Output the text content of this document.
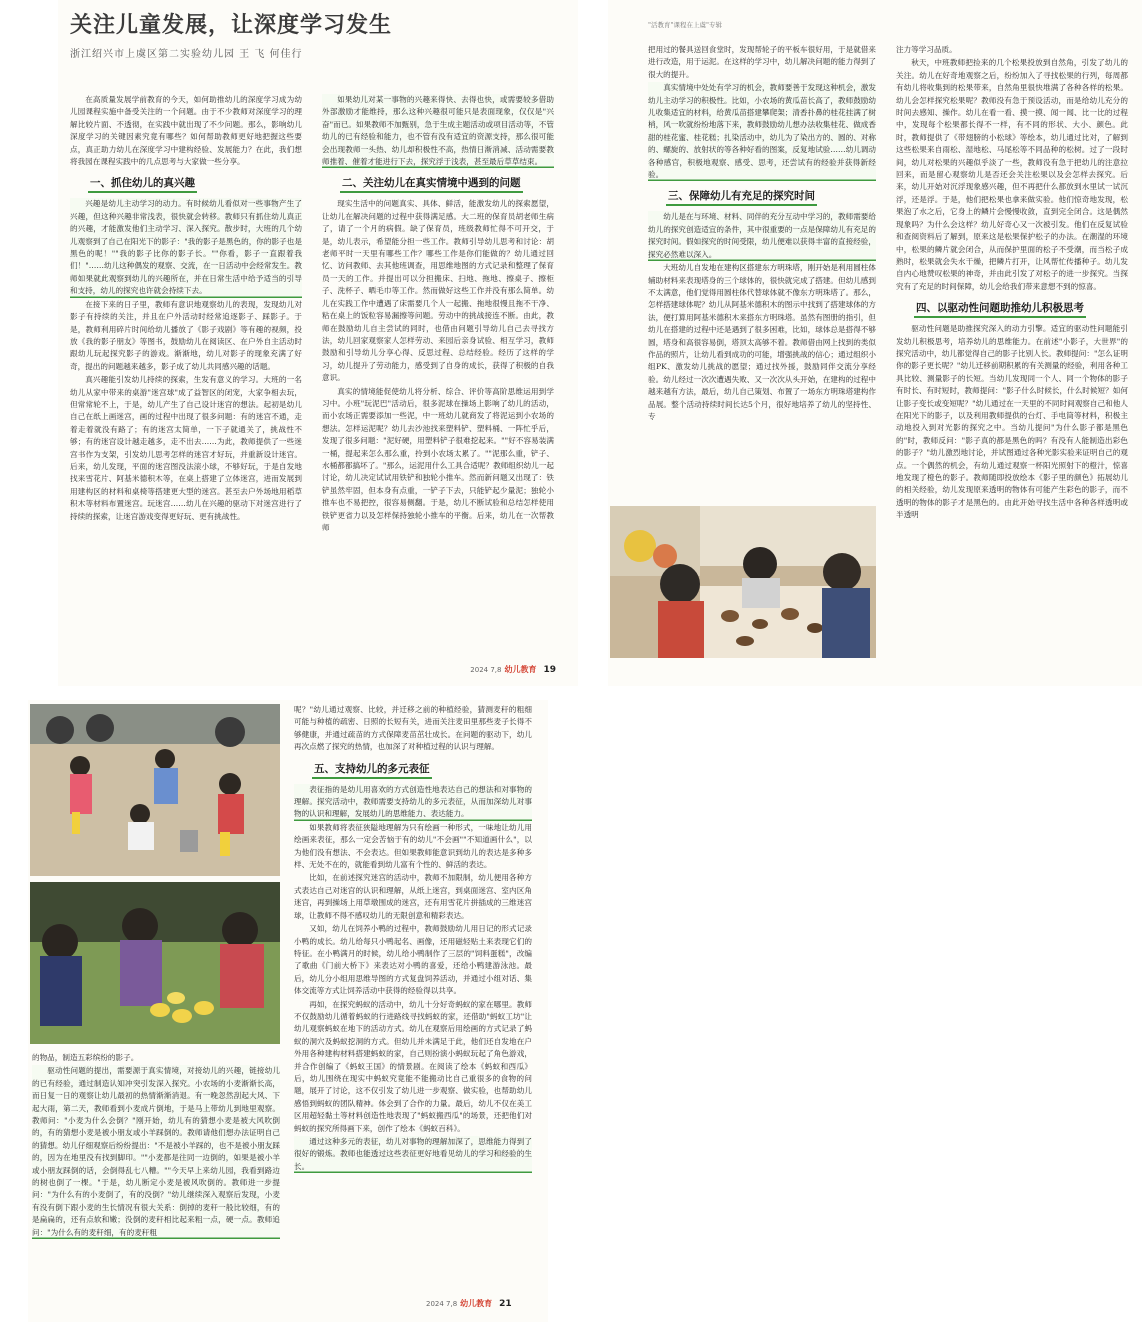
关注儿童发展，让深度学习发生
浙江绍兴市上虞区第二实验幼儿园 王 飞 何佳行

在高质量发展学前教育的今天，如何助推幼儿的深度学习成为幼儿园课程实施中备受关注的一个问题。由于不少教师对深度学习的理解比较片面、不透彻，在实践中就出现了不少问题。那么，影响幼儿深度学习的关键因素究竟有哪些？如何帮助教师更好地把握这些要点，真正助力幼儿在深度学习中建构经验、发展能力？在此，我们想将我园在课程实践中的几点思考与大家做一些分享。

一、抓住幼儿的真兴趣

兴趣是幼儿主动学习的动力。有时候幼儿看似对一些事物产生了兴趣，但这种兴趣非常浅表，很快就会转移。教师只有抓住幼儿真正的兴趣，才能激发他们主动学习、深入探究。散步时，大班的几个幼儿观察到了自己在阳光下的影子："我的影子是黑色的，你的影子也是黑色的呢！""我的影子比你的影子长。""你看，影子一直跟着我们！"……幼儿这种偶发的观察、交流，在一日活动中会经常发生。教师如果就此观察到幼儿的兴趣所在，并在日常生活中给予适当的引导和支持，幼儿的探究也许就会持续下去。

在接下来的日子里，教师有意识地观察幼儿的表现，发现幼儿对影子有持续的关注，并且在户外活动时经常追逐影子、踩影子。于是，教师利用碎片时间给幼儿播放了《影子戏剧》等有趣的视频，投放《我的影子朋友》等图书，鼓励幼儿在阅读区、在户外自主活动时跟幼儿玩起探究影子的游戏。渐渐地，幼儿对影子的现象充满了好奇，提出的问题越来越多，影子成了幼儿共同感兴趣的话题。

真兴趣能引发幼儿持续的探索，生发有意义的学习。大班的一名幼儿从家中带来的桌游"迷宫球"成了益智区的闭宠，大家争相去玩，但常常轮不上，于是，幼儿产生了自己设计迷宫的想法。起初是幼儿自己在纸上画迷宫，画的过程中出现了很多问题：有的迷宫不通，走着走着就没有路了；有的迷宫太简单，一下子就通关了，挑战性不够；有的迷宫设计越走越多，走不出去……为此，教师提供了一些迷宫书作为支架，引发幼儿思考怎样的迷宫才好玩，并重新设计迷宫。后来，幼儿发现，平面的迷宫图没法滚小球，不够好玩，于是自发地找来雪花片、阿基米德积木等，在桌上搭建了立体迷宫，进而发展到用建构区的材料和桌椅等搭建更大型的迷宫。甚至去户外场地用稻草积木等材料布置迷宫。玩迷宫……幼儿在兴趣的驱动下对迷宫进行了持续的探索，让迷宫游戏变得更好玩、更有挑战性。

如果幼儿对某一事物的兴趣来得快、去得也快，或需要较多借助外部激励才能维持，那么这种兴趣很可能只是表面现象，仅仅是"兴奋"而已。如果教师不加甄别，急于生成主题活动或项目活动等，不管幼儿的已有经验和能力，也不管有没有适宜的资源支持，那么很可能会出现教师一头热、幼儿却积极性不高，热情日渐消减、活动需要教师推着、催着才能进行下去，探究浮于浅表，甚至最后草草结束。

二、关注幼儿在真实情境中遇到的问题

现实生活中的问题真实、具体、鲜活，能激发幼儿的探索愿望，让幼儿在解决问题的过程中获得满足感。大二班的保育员胡老师生病了，请了一个月的病假。缺了保育员，班级教师忙得不可开交，于是，幼儿表示，希望能分担一些工作。教师引导幼儿思考和讨论：胡老师平时一天里有哪些工作？哪些工作是你们能做的？幼儿通过回忆、访问教师、去其他班调查，用思维地图的方式记录和整理了保育员一天的工作。并提出可以分担搬床、扫地、拖地、擦桌子、擦柜子、洗杯子、晒毛巾等工作。然而做好这些工作并没有那么简单。幼儿在实践工作中遭遇了床需要几个人一起搬、拖地很慢且拖不干净、粘在桌上的饭粒容易漏擦等问题。劳动中的挑战接连不断。由此，教师在鼓励幼儿自主尝试的同时，也借由问题引导幼儿自己去寻找方法，幼儿回家观察家人怎样劳动、来园后亲身试验、相互学习，教师鼓励和引导幼儿分享心得、反思过程、总结经验。经历了这样的学习，幼儿提升了劳动能力，感受到了自身的成长，获得了积极的自我意识。

真实的情境能促使幼儿将分析、综合、评价等高阶思维运用到学习中。小班"玩泥巴"活动后，很多泥球在操场上影响了幼儿的活动，而小农场正需要添加一些泥，中一班幼儿就商发了将泥运到小农场的想法。怎样运泥呢？幼儿去沙池找来塑料铲、塑料桶、一阵忙乎后，发现了很多问题："泥好硬，用塑料铲子很难挖起来。""好不容易装满一桶，提起来怎么那么重，拎到小农场太累了。""泥那么重，铲子、水桶都都搞坏了。"那么，运泥用什么工具合适呢？教师组织幼儿一起讨论，幼儿决定试试用铁铲和独轮小推车。然而新问题又出现了：铁铲虽然牢固，但本身有点重，一铲子下去，只能铲起少量泥；独轮小推车也不易把控，很容易侧翻。于是，幼儿不断试验和总结怎样使用铁铲更省力以及怎样保持独轮小推车的平衡。后来，幼儿在一次帮教师

2024 7,8 幼儿教育 19
"活教育"课程在上虞"专辑

把用过的餐具送回食堂时，发现帮轮子的平板车很好用，于是就借来进行改造，用于运泥。在这样的学习中，幼儿解决问题的能力得到了很大的提升。

真实情境中处处有学习的机会，教师要善于发现这种机会，激发幼儿主动学习的积极性。比如，小农场的黄瓜苗长高了，教师鼓励幼儿收集适宜的材料，给黄瓜苗搭建攀爬架；清香扑鼻的桂花挂满了树梢，风一吹就纷纷地落下来，教师鼓励幼儿想办法收集桂花、做成香甜的桂花蜜、桂花糕；扎染活动中，幼儿为了染出方的、圆的、对称的、螺旋的、放射状的等各种好看的图案，反复地试验……幼儿调动各种感官，积极地观察、感受、思考，还尝试有的经验并获得新经验。

三、保障幼儿有充足的探究时间

幼儿是在与环境、材料、同伴的充分互动中学习的，教师需要给幼儿的探究创造适宜的条件，其中很重要的一点是保障幼儿有充足的探究时间。假如探究的时间受限，幼儿便难以获得丰富的直接经验，探究必然难以深入。

大班幼儿自发地在建构区搭建东方明珠塔，刚开始是利用圆柱体辅助材料来表现塔身的三个球体的，很快就完成了搭建。但幼儿感到不太满意，他们觉得用圆柱体代替球体就不像东方明珠塔了。那么，怎样搭建球体呢？幼儿从阿基米德积木的图示中找到了搭建球体的方法，便打算用阿基米德积木来搭东方明珠塔。虽然有图册的指引，但幼儿在搭建的过程中还是遇到了很多困难，比如，球体总是搭得不够圆，塔身和高很容易倒，塔顶太高够不着。教师借由网上找到的类似作品的照片，让幼儿看到成功的可能，增强挑战的信心；通过组织小组PK、激发幼儿挑战的愿望；通过找外援，鼓励同伴交流分享经验。幼儿经过一次次遭遇失败、又一次次从头开始，在建构的过程中越来越有方法，最后，幼儿自己策划、布置了一场东方明珠塔建构作品展。整个活动持续时间长达5个月，很好地培养了幼儿的坚持性、专

注力等学习品质。

秋天，中班教师把捡来的几个松果投放到自然角，引发了幼儿的关注。幼儿在好奇地观察之后，纷纷加入了寻找松果的行列，每周都有幼儿将收集到的松果带来，自然角里很快堆满了各种各样的松果。幼儿会怎样探究松果呢？教师没有急于预设活动，而是给幼儿充分的时间去感知、操作。幼儿在看一看、摸一摸、闻一闻、比一比的过程中，发现每个松果都长得不一样，有不同的形状、大小、颜色。此时，教师提供了《带翅膀的小松球》等绘本，幼儿通过比对，了解到这些松果来自雨松、湿地松、马尾松等不同品种的松树。过了一段时间，幼儿对松果的兴趣似乎淡了一些，教师没有急于把幼儿的注意拉回来，而是留心观察幼儿是否还会关注松果以及会怎样去探究。后来，幼儿开始对沉浮现象感兴趣，但不再把什么都放到水里试一试沉浮，还是浮。于是，他们把松果也拿来做实验。他们惊奇地发现，松果泡了水之后，它身上的鳞片会慢慢收敛，直到完全闭合。这是偶然现象吗？为什么会这样？幼儿好奇心又一次被引发。他们在反复试验和查阅资料后了解到，原来这是松果保护松子的办法。在潮湿的环境中，松果的鳞片就会闭合，从而保护里面的松子不受潮，而当松子成熟时，松果就会失水干燥，把鳞片打开，让风帮忙传播种子。幼儿发自内心地赞叹松果的神奇，并由此引发了对松子的进一步探究。当探究有了充足的时间保障，幼儿会给我们带来意想不到的惊喜。

四、以驱动性问题助推幼儿积极思考

驱动性问题是助推探究深入的动力引擎。适宜的驱动性问题能引发幼儿积极思考，培养幼儿的思维能力。在前述"小影子，大世界"的探究活动中，幼儿都觉得自己的影子比别人长。教师提问："怎么证明你的影子更长呢？"幼儿迁移前期积累的有关测量的经验，利用各种工具比较、测量影子的长短。当幼儿发现同一个人、同一个物体的影子有时长、有时短时，教师提问："影子什么时候长，什么时候短？如何让影子变长或变短呢？"幼儿通过在一天里的不同时间观察自己和他人在阳光下的影子，以及利用教师提供的台灯、手电筒等材料，积极主动地投入到对光影的探究之中。当幼儿提问"为什么影子都是黑色的"时，教师反问："影子真的都是黑色的吗？有没有人能制造出彩色的影子？"幼儿激烈地讨论，并试图通过各种光影实验来证明自己的观点。一个偶然的机会，有幼儿通过观察一杯阳光照射下的橙汁，惊喜地发现了橙色的影子。教师随即投放绘本《影子里的颜色》拓展幼儿的相关经验，幼儿发现原来透明的物体有可能产生彩色的影子，而不透明的物体的影子才是黑色的。由此开始寻找生活中各种各样透明或半透明

的物品，制造五彩缤纷的影子。

驱动性问题的提出，需要源于真实情境，对接幼儿的兴趣，链接幼儿的已有经验，通过制造认知冲突引发深入探究。小农场的小麦渐渐长高，而日复一日的观察让幼儿最初的热情渐渐消退。有一晚忽然刮起大风、下起大雨，第二天，教师看到小麦成片倒地，于是马上带幼儿到地里观察。教师问："小麦为什么会倒？"刚开始，幼儿有的猜想小麦是被大风吹倒的，有的猜想小麦是被小朋友或小羊踩倒的。教师请他们想办法证明自己的猜想。幼儿仔细观察后纷纷提出："不是被小羊踩的，也不是被小朋友踩的，因为在地里没有找到脚印。""小麦都是往同一边倒的，如果是被小羊或小朋友踩倒的话，会倒得乱七八糟。""今天早上来幼儿园，我看到路边的树也倒了一棵。"于是，幼儿断定小麦是被风吹倒的。教师进一步提问："为什么有的小麦倒了，有的没倒？"幼儿继续深入观察后发现，小麦有没有倒下跟小麦的生长情况有很大关系：倒掉的麦秆一般比较细，有的是扁扁的，还有点软和嫩；没倒的麦秆相比起来粗一点，硬一点。教师追问："为什么有的麦秆细，有的麦秆粗

呢？"幼儿通过观察、比较，并迁移之前的种植经验，猜测麦秆的粗细可能与种植的疏密、日照的长短有关，进而关注麦田里那些麦子长得不够健康，并通过疏苗的方式保障麦苗茁壮成长。在问题的驱动下，幼儿再次点燃了探究的热情，也加深了对种植过程的认识与理解。

五、支持幼儿的多元表征

表征指的是幼儿用喜欢的方式创造性地表达自己的想法和对事物的理解。探究活动中，教师需要支持幼儿的多元表征，从而加深幼儿对事物的认识和理解，发展幼儿的思维能力、表达能力。

如果教师将表征狭隘地理解为只有绘画一种形式，一味地让幼儿用绘画来表征，那么一定会苦恼于有的幼儿"不会画""不知道画什么"，以为他们没有想法、不会表达。但如果教师能意识到幼儿的表达是多种多样、无处不在的，就能看到幼儿富有个性的、鲜活的表达。

比如，在前述探究迷宫的活动中，教师不加限制，幼儿便用各种方式表达自己对迷宫的认识和理解，从纸上迷宫，到桌面迷宫、室内区角迷宫，再到操场上用草墩围成的迷宫，还有用雪花片拼插成的三维迷宫球，让教师不得不感叹幼儿的无限创意和精彩表达。

又如，幼儿在饲养小鸭的过程中，教师鼓励幼儿用日记的形式记录小鸭的成长。幼儿给每只小鸭起名、画像，还用磁轻贴土来表现它们的特征。在小鸭满月的时候，幼儿给小鸭制作了三层的"饲料蛋糕"，改编了歌曲《门前大桥下》来表达对小鸭的喜爱，还给小鸭建游泳池。最后，幼儿分小组用思维导图的方式复盘饲养活动，并通过小组对话、集体交流等方式让饲养活动中获得的经验得以共享。

再如，在探究蚂蚁的活动中，幼儿十分好奇蚂蚁的家在哪里。教师不仅鼓励幼儿循着蚂蚁的行进路线寻找蚂蚁的家，还借助"蚂蚁工坊"让幼儿观察蚂蚁在地下的活动方式。幼儿在观察后用绘画的方式记录了蚂蚁的洞穴及蚂蚁挖洞的方式。但幼儿并未满足于此，他们还自发地在户外用各种建构材料搭建蚂蚁的家，自己则扮演小蚂蚁玩起了角色游戏，并合作创编了《蚂蚁王国》的情景剧。在阅读了绘本《蚂蚁和西瓜》后，幼儿围绕在现实中蚂蚁究竟能不能搬动比自己重很多的食物的问题，展开了讨论，这不仅引发了幼儿进一步观察、做实验，也帮助幼儿感悟到蚂蚁的团队精神。体会到了合作的力量。最后，幼儿不仅在美工区用超轻黏土等材料创造性地表现了"蚂蚁搬西瓜"的场景，还把他们对蚂蚁的探究所得画下来，创作了绘本《蚂蚁百科》。

通过这种多元的表征，幼儿对事物的理解加深了，思维能力得到了很好的锻炼。教师也能透过这些表征更好地看见幼儿的学习和经验的生长。

2024 7,8 幼儿教育 21
